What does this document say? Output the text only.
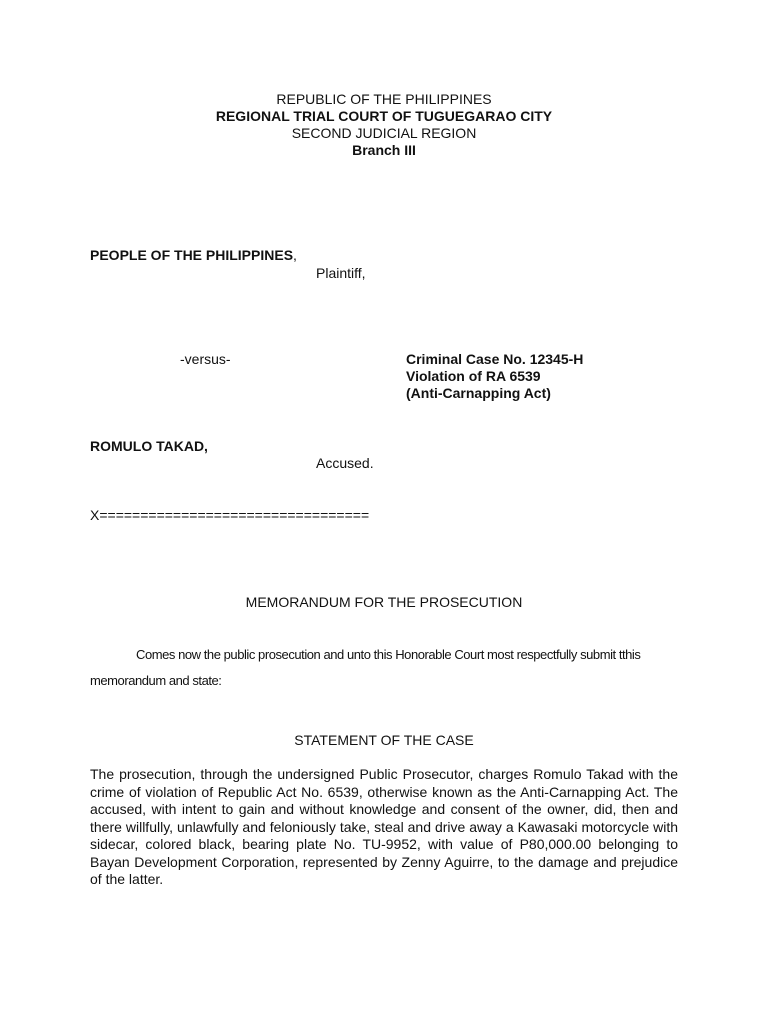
REPUBLIC OF THE PHILIPPINES
REGIONAL TRIAL COURT OF TUGUEGARAO CITY
SECOND JUDICIAL REGION
Branch III
PEOPLE OF THE PHILIPPINES,
Plaintiff,
-versus-	Criminal Case No. 12345-H
Violation of RA 6539
(Anti-Carnapping Act)
ROMULO TAKAD,
Accused.
X=================================
MEMORANDUM FOR THE PROSECUTION
Comes now the public prosecution and unto this Honorable Court most respectfully submit tthis
memorandum and state:
STATEMENT OF THE CASE

The prosecution, through the undersigned Public Prosecutor, charges Romulo Takad with the crime of violation of Republic Act No. 6539, otherwise known as the Anti-Carnapping Act. The accused, with intent to gain and without knowledge and consent of the owner, did, then and there willfully, unlawfully and feloniously take, steal and drive away a Kawasaki motorcycle with sidecar, colored black, bearing plate No. TU-9952, with value of P80,000.00 belonging to Bayan Development Corporation, represented by Zenny Aguirre, to the damage and prejudice of the latter.
